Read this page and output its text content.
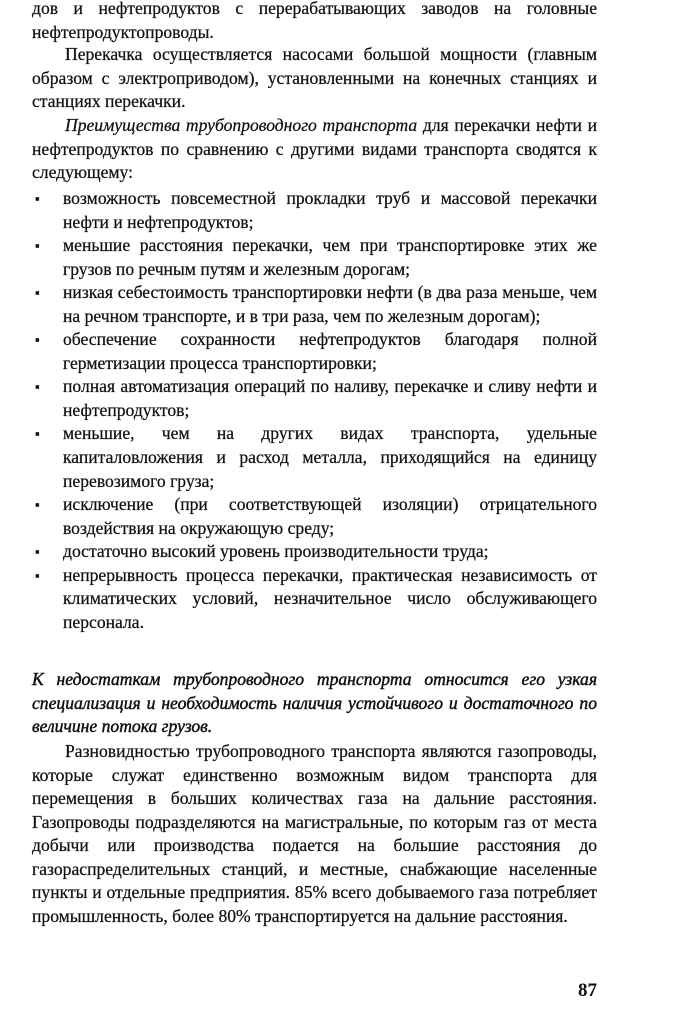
дов и нефтепродуктов с перерабатывающих заводов на головные нефтепродуктопроводы.

Перекачка осуществляется насосами большой мощности (главным образом с электроприводом), установленными на конечных станциях и станциях перекачки.

Преимущества трубопроводного транспорта для перекачки нефти и нефтепродуктов по сравнению с другими видами транспорта сводятся к следующему:

▪ возможность повсеместной прокладки труб и массовой перекачки нефти и нефтепродуктов;
▪ меньшие расстояния перекачки, чем при транспортировке этих же грузов по речным путям и железным дорогам;
▪ низкая себестоимость транспортировки нефти (в два раза меньше, чем на речном транспорте, и в три раза, чем по железным дорогам);
▪ обеспечение сохранности нефтепродуктов благодаря полной герметизации процесса транспортировки;
▪ полная автоматизация операций по наливу, перекачке и сливу нефти и нефтепродуктов;
▪ меньшие, чем на других видах транспорта, удельные капиталовложения и расход металла, приходящийся на единицу перевозимого груза;
▪ исключение (при соответствующей изоляции) отрицательного воздействия на окружающую среду;
▪ достаточно высокий уровень производительности труда;
▪ непрерывность процесса перекачки, практическая независимость от климатических условий, незначительное число обслуживающего персонала.

К недостаткам трубопроводного транспорта относится его узкая специализация и необходимость наличия устойчивого и достаточного по величине потока грузов.

Разновидностью трубопроводного транспорта являются газопроводы, которые служат единственно возможным видом транспорта для перемещения в больших количествах газа на дальние расстояния. Газопроводы подразделяются на магистральные, по которым газ от места добычи или производства подается на большие расстояния до газораспределительных станций, и местные, снабжающие населенные пункты и отдельные предприятия. 85% всего добываемого газа потребляет промышленность, более 80% транспортируется на дальние расстояния.

87
